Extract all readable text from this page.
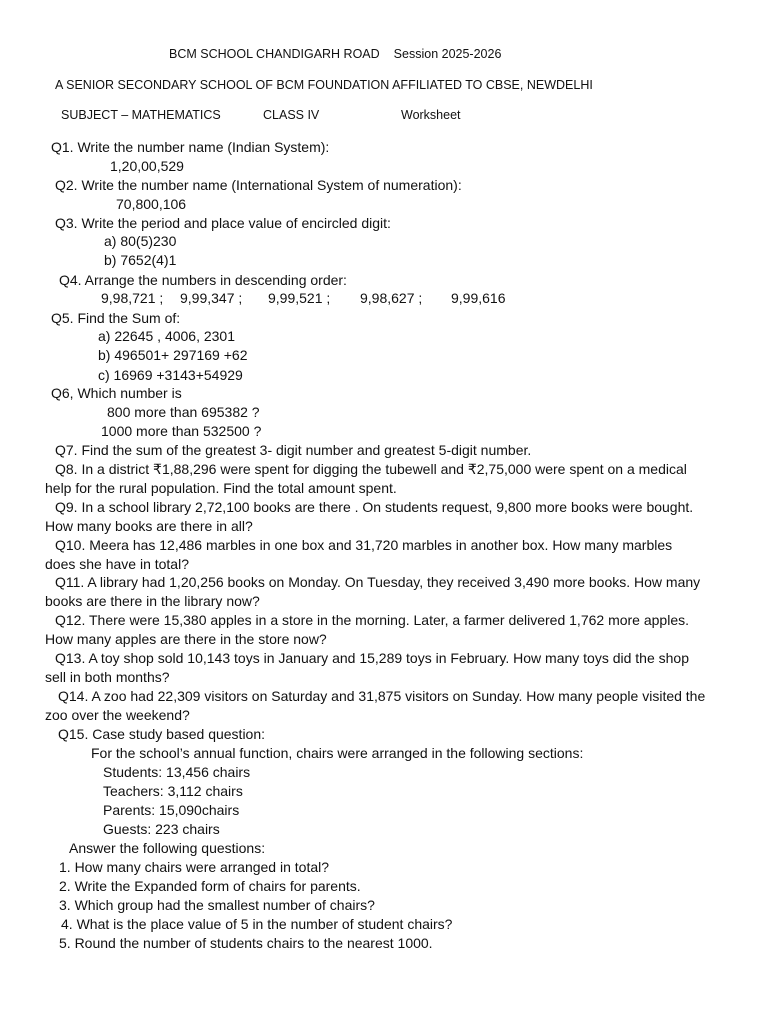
BCM SCHOOL CHANDIGARH ROAD Session 2025-2026
A SENIOR SECONDARY SCHOOL OF BCM FOUNDATION AFFILIATED TO CBSE, NEWDELHI
SUBJECT – MATHEMATICS	CLASS IV	Worksheet
Q1. Write the number name (Indian System):
1,20,00,529
Q2. Write the number name (International System of numeration):
70,800,106
Q3. Write the period and place value of encircled digit:
a) 80(5)230
b) 7652(4)1
Q4. Arrange the numbers in descending order:
9,98,721 ; 9,99,347 ; 9,99,521 ; 9,98,627 ; 9,99,616
Q5. Find the Sum of:
a) 22645 , 4006, 2301
b) 496501+ 297169 +62
c) 16969 +3143+54929
Q6, Which number is
800 more than 695382 ?
1000 more than 532500 ?
Q7. Find the sum of the greatest 3- digit number and greatest 5-digit number.
Q8. In a district ₹1,88,296 were spent for digging the tubewell and ₹2,75,000 were spent on a medical
help for the rural population. Find the total amount spent.
Q9. In a school library 2,72,100 books are there . On students request, 9,800 more books were bought.
How many books are there in all?
Q10. Meera has 12,486 marbles in one box and 31,720 marbles in another box. How many marbles
does she have in total?
Q11. A library had 1,20,256 books on Monday. On Tuesday, they received 3,490 more books. How many
books are there in the library now?
Q12. There were 15,380 apples in a store in the morning. Later, a farmer delivered 1,762 more apples.
How many apples are there in the store now?
Q13. A toy shop sold 10,143 toys in January and 15,289 toys in February. How many toys did the shop
sell in both months?
Q14. A zoo had 22,309 visitors on Saturday and 31,875 visitors on Sunday. How many people visited the
zoo over the weekend?
Q15. Case study based question:
For the school’s annual function, chairs were arranged in the following sections:
Students: 13,456 chairs
Teachers: 3,112 chairs
Parents: 15,090chairs
Guests: 223 chairs
Answer the following questions:
1. How many chairs were arranged in total?
2. Write the Expanded form of chairs for parents.
3. Which group had the smallest number of chairs?
4. What is the place value of 5 in the number of student chairs?
5. Round the number of students chairs to the nearest 1000.
